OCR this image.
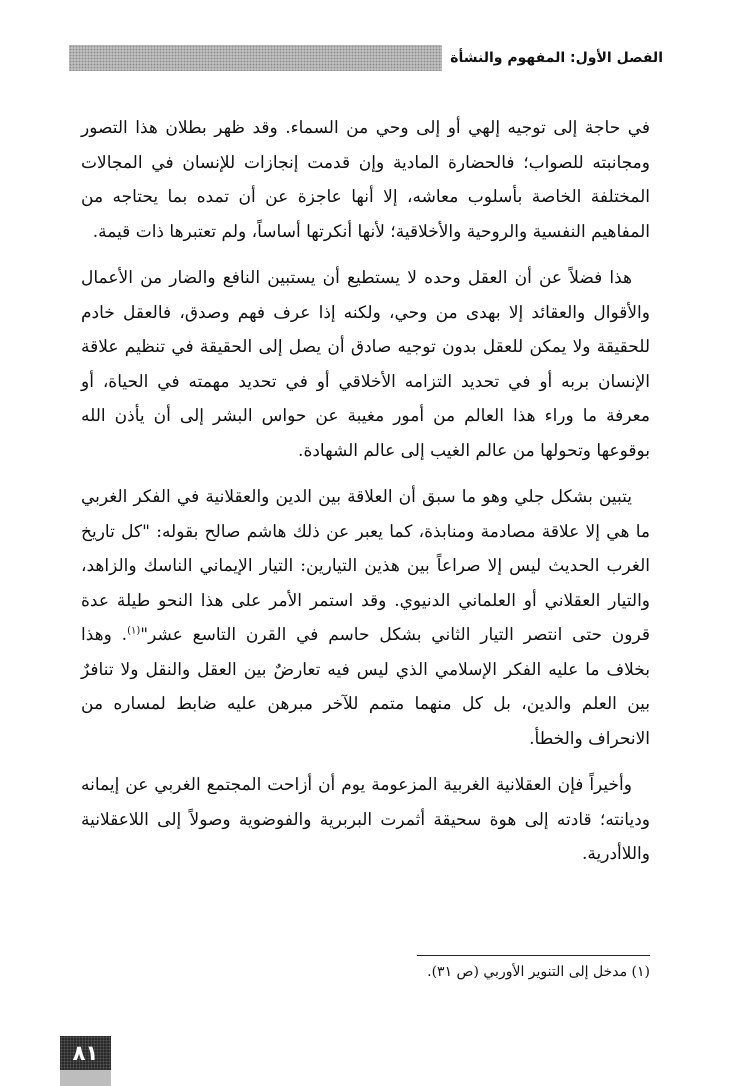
الفصل الأول: المفهوم والنشأة

في حاجة إلى توجيه إلهي أو إلى وحي من السماء. وقد ظهر بطلان هذا التصور ومجانبته للصواب؛ فالحضارة المادية وإن قدمت إنجازات للإنسان في المجالات المختلفة الخاصة بأسلوب معاشه، إلا أنها عاجزة عن أن تمده بما يحتاجه من المفاهيم النفسية والروحية والأخلاقية؛ لأنها أنكرتها أساساً، ولم تعتبرها ذات قيمة.

هذا فضلاً عن أن العقل وحده لا يستطيع أن يستبين النافع والضار من الأعمال والأقوال والعقائد إلا بهدى من وحي، ولكنه إذا عرف فهم وصدق، فالعقل خادم للحقيقة ولا يمكن للعقل بدون توجيه صادق أن يصل إلى الحقيقة في تنظيم علاقة الإنسان بربه أو في تحديد التزامه الأخلاقي أو في تحديد مهمته في الحياة، أو معرفة ما وراء هذا العالم من أمور مغيبة عن حواس البشر إلى أن يأذن الله بوقوعها وتحولها من عالم الغيب إلى عالم الشهادة.

يتبين بشكل جلي وهو ما سبق أن العلاقة بين الدين والعقلانية في الفكر الغربي ما هي إلا علاقة مصادمة ومنابذة، كما يعبر عن ذلك هاشم صالح بقوله: "كل تاريخ الغرب الحديث ليس إلا صراعاً بين هذين التيارين: التيار الإيماني الناسك والزاهد، والتيار العقلاني أو العلماني الدنيوي. وقد استمر الأمر على هذا النحو طيلة عدة قرون حتى انتصر التيار الثاني بشكل حاسم في القرن التاسع عشر"$^{(١)}$. وهذا بخلاف ما عليه الفكر الإسلامي الذي ليس فيه تعارضٌ بين العقل والنقل ولا تنافرٌ بين العلم والدين، بل كل منهما متمم للآخر مبرهن عليه ضابط لمساره من الانحراف والخطأ.

وأخيراً فإن العقلانية الغربية المزعومة يوم أن أزاحت المجتمع الغربي عن إيمانه وديانته؛ قادته إلى هوة سحيقة أثمرت البربرية والفوضوية وصولاً إلى اللاعقلانية واللاأدرية.

(١) مدخل إلى التنوير الأوربي (ص ٣١).
٨١
